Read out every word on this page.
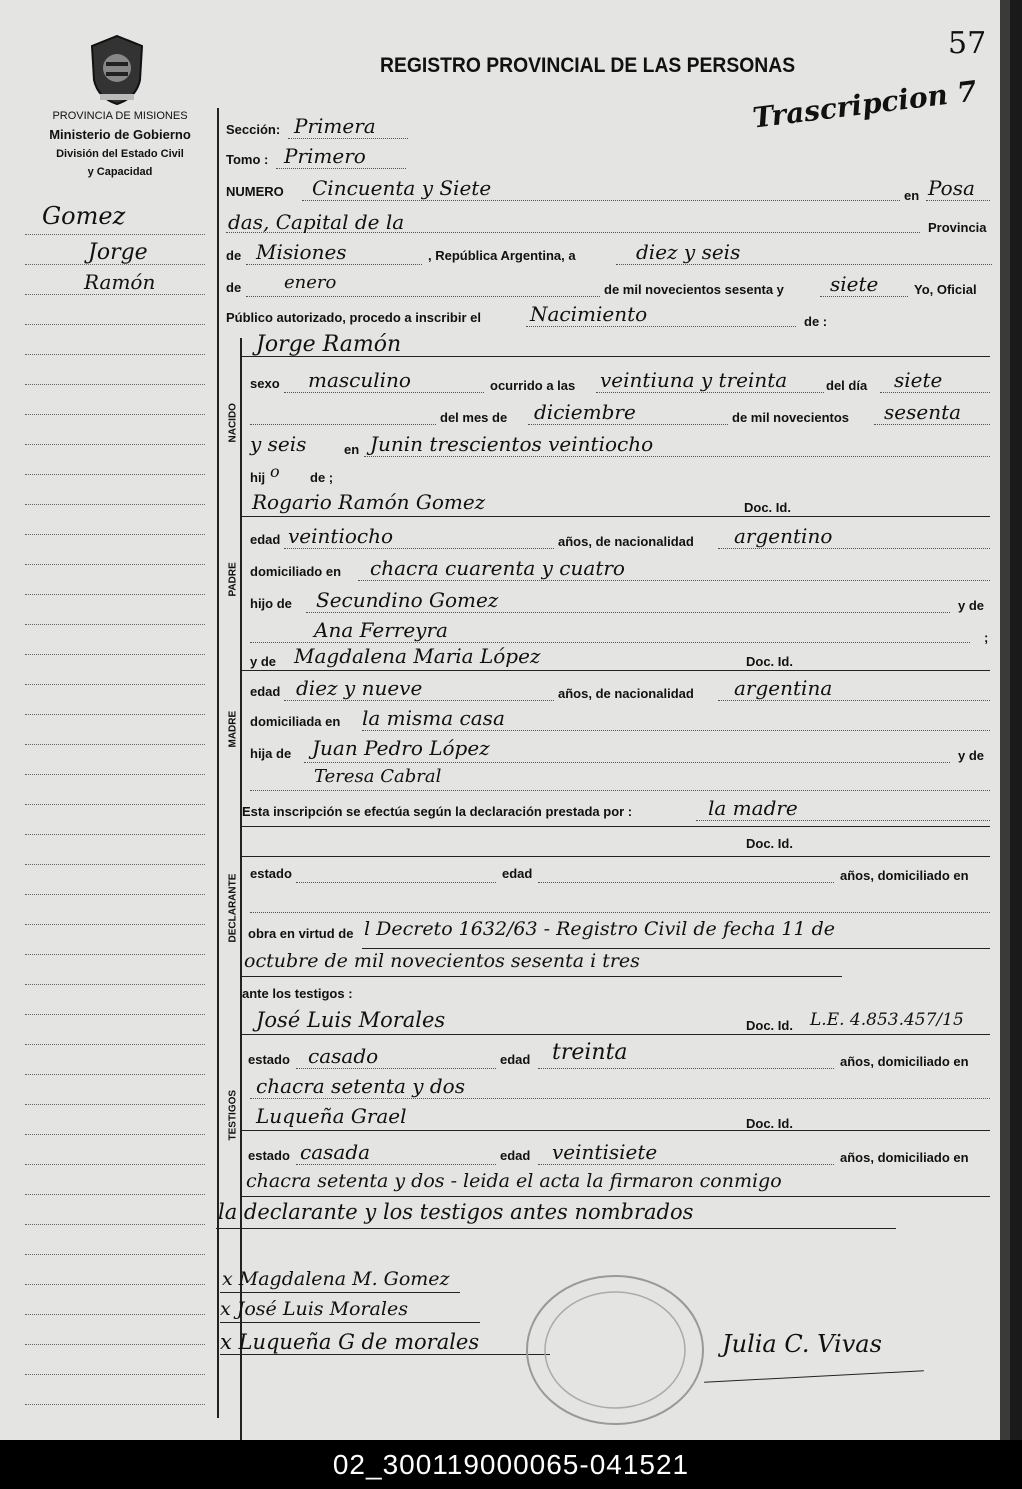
PROVINCIA DE MISIONES
Ministerio de Gobierno
División del Estado Civil
y Capacidad
REGISTRO PROVINCIAL DE LAS PERSONAS
57
Trascripcion 7
Gomez
Jorge
Ramón
NACIDO
PADRE
MADRE
DECLARANTE
TESTIGOS
Sección: Primera
Tomo : Primero
NUMERO Cincuenta y Siete	en Posa
das, Capital de la	Provincia
de Misiones	, República Argentina, a	diez y seis
de enero	de mil novecientos sesenta y siete	Yo, Oficial
Público autorizado, procedo a inscribir el Nacimiento	de :
Jorge Ramón
sexo masculino	ocurrido a las veintiuna y treinta	del día siete
del mes de diciembre	de mil novecientos sesenta
y seis	en Junin trescientos veintiocho
hij o de ;
Rogario Ramón Gomez	Doc. Id.
edad veintiocho	años, de nacionalidad argentino
domiciliado en chacra cuarenta y cuatro
hijo de Secundino Gomez	y de
Ana Ferreyra	;
y de Magdalena Maria López	Doc. Id.
edad diez y nueve	años, de nacionalidad argentina
domiciliada en la misma casa
hija de Juan Pedro López	y de
Teresa Cabral
Esta inscripción se efectúa según la declaración prestada por :	la madre
Doc. Id.
estado	edad	años, domiciliado en
obra en virtud de l Decreto 1632/63 - Registro Civil de fecha 11 de
octubre de mil novecientos sesenta i tres
ante los testigos :
José Luis Morales	Doc. Id. L.E. 4.853.457/15
estado casado	edad treinta	años, domiciliado en
chacra setenta y dos
Luqueña Grael	Doc. Id.
estado casada	edad veintisiete	años, domiciliado en
chacra setenta y dos - leida el acta la firmaron conmigo
la declarante y los testigos antes nombrados
x Magdalena M. Gomez
x José Luis Morales
x Luqueña G de morales	Julia C. Vivas
02_300119000065-041521
